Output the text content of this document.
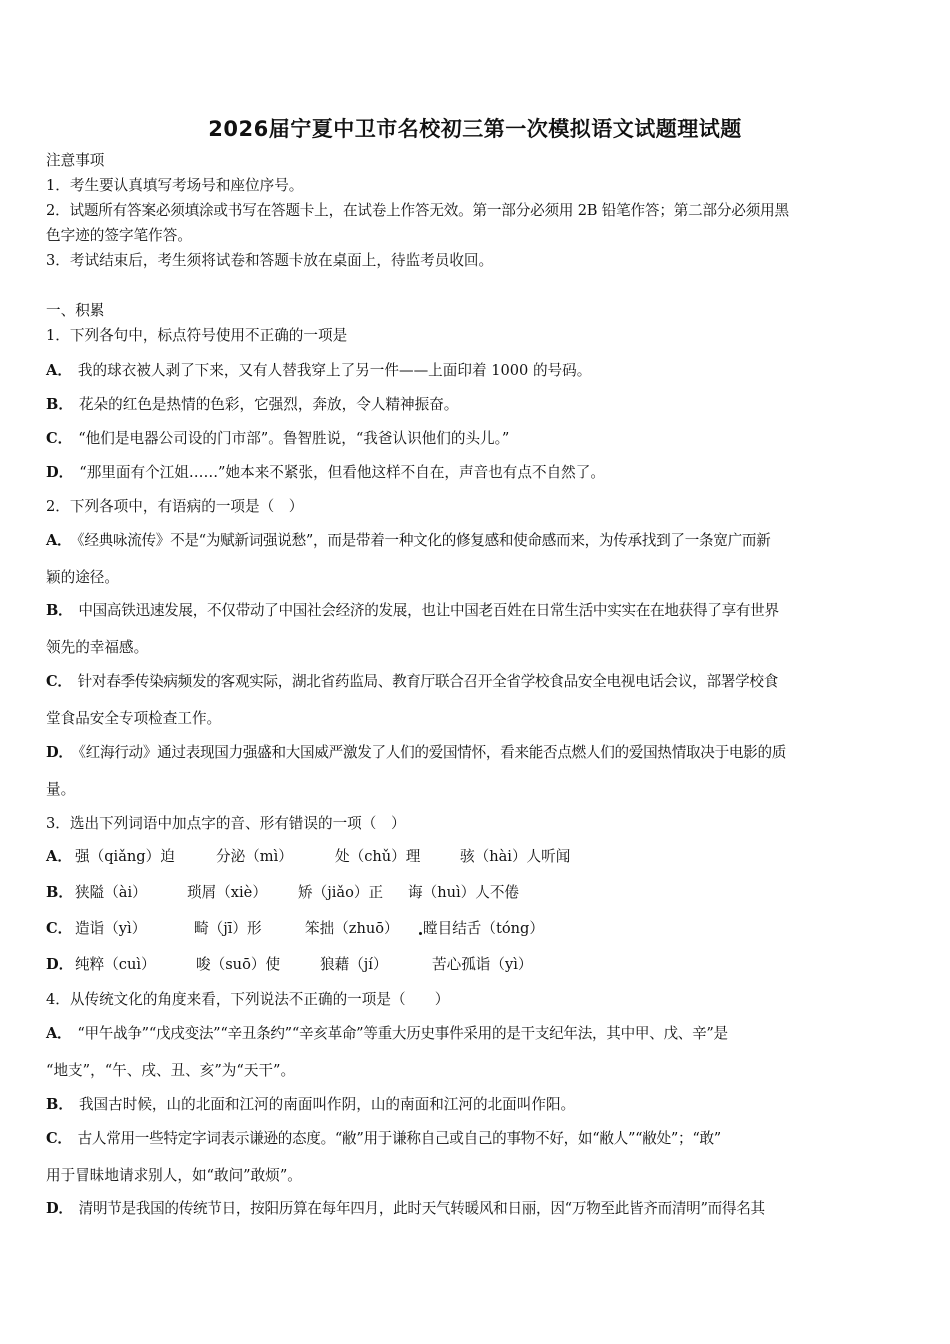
2026届宁夏中卫市名校初三第一次模拟语文试题理试题
注意事项
1．考生要认真填写考场号和座位序号。
2．试题所有答案必须填涂或书写在答题卡上，在试卷上作答无效。第一部分必须用 2B 铅笔作答；第二部分必须用黑
色字迹的签字笔作答。
3．考试结束后，考生须将试卷和答题卡放在桌面上，待监考员收回。
一、积累
1．下列各句中，标点符号使用不正确的一项是
A． 我的球衣被人剥了下来，又有人替我穿上了另一件——上面印着 1000 的号码。
B． 花朵的红色是热情的色彩，它强烈，奔放，令人精神振奋。
C． “他们是电器公司设的门市部”。鲁智胜说，“我爸认识他们的头儿。”
D． “那里面有个江姐……”她本来不紧张，但看他这样不自在，声音也有点不自然了。
2．下列各项中，有语病的一项是（　）
A． 《经典咏流传》不是“为赋新词强说愁”，而是带着一种文化的修复感和使命感而来，为传承找到了一条宽广而新
颖的途径。
B． 中国高铁迅速发展，不仅带动了中国社会经济的发展，也让中国老百姓在日常生活中实实在在地获得了享有世界
领先的幸福感。
C． 针对春季传染病频发的客观实际，湖北省药监局、教育厅联合召开全省学校食品安全电视电话会议，部署学校食
堂食品安全专项检查工作。
D． 《红海行动》通过表现国力强盛和大国威严激发了人们的爱国情怀，看来能否点燃人们的爱国热情取决于电影的质
量。
3．选出下列词语中加点字的音、形有错误的一项（　）
A． 强（qiǎng）迫	分泌（mì）	处（chǔ）理	骇（hài）人听闻
B． 狭隘（ài）	琐屑（xiè） 矫（jiǎo）正 诲（huì）人不倦
C． 造诣（yì）	畸（jī）形	笨拙（zhuō） 瞠目结舌（tóng）
D． 纯粹（cuì）	唆（suō）使	狼藉（jí）	苦心孤诣（yì）
4．从传统文化的角度来看，下列说法不正确的一项是（　　）
A． “甲午战争”“戊戌变法”“辛丑条约”“辛亥革命”等重大历史事件采用的是干支纪年法，其中甲、戊、辛”是
“地支”，“午、戌、丑、亥”为“天干”。
B． 我国古时候，山的北面和江河的南面叫作阴，山的南面和江河的北面叫作阳。
C． 古人常用一些特定字词表示谦逊的态度。“敝”用于谦称自己或自己的事物不好，如“敝人”“敝处”；“敢”
用于冒昧地请求别人，如“敢问”敢烦”。
D． 清明节是我国的传统节日，按阳历算在每年四月，此时天气转暖风和日丽，因“万物至此皆齐而清明”而得名其
